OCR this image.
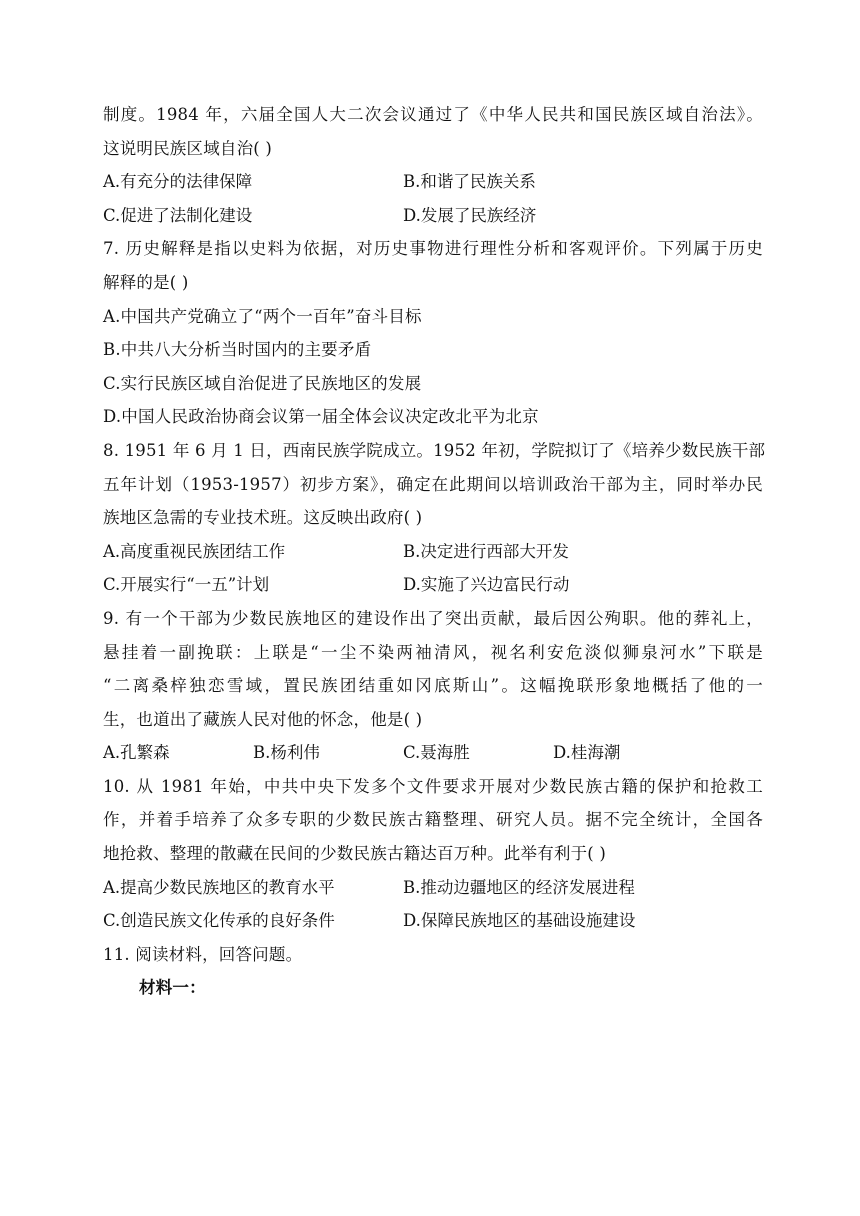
制度。1984 年，六届全国人大二次会议通过了《中华人民共和国民族区域自治法》。
这说明民族区域自治( )
A.有充分的法律保障	B.和谐了民族关系
C.促进了法制化建设	D.发展了民族经济
7. 历史解释是指以史料为依据，对历史事物进行理性分析和客观评价。下列属于历史
解释的是( )
A.中国共产党确立了“两个一百年”奋斗目标
B.中共八大分析当时国内的主要矛盾
C.实行民族区域自治促进了民族地区的发展
D.中国人民政治协商会议第一届全体会议决定改北平为北京
8. 1951 年 6 月 1 日，西南民族学院成立。1952 年初，学院拟订了《培养少数民族干部
五年计划（1953-1957）初步方案》，确定在此期间以培训政治干部为主，同时举办民
族地区急需的专业技术班。这反映出政府( )
A.高度重视民族团结工作	B.决定进行西部大开发
C.开展实行“一五”计划	D.实施了兴边富民行动
9. 有一个干部为少数民族地区的建设作出了突出贡献，最后因公殉职。他的葬礼上，
悬挂着一副挽联：上联是“一尘不染两袖清风，视名利安危淡似狮泉河水”下联是
“二离桑梓独恋雪域，置民族团结重如冈底斯山”。这幅挽联形象地概括了他的一
生，也道出了藏族人民对他的怀念，他是( )
A.孔繁森	B.杨利伟	C.聂海胜	D.桂海潮
10. 从 1981 年始，中共中央下发多个文件要求开展对少数民族古籍的保护和抢救工
作，并着手培养了众多专职的少数民族古籍整理、研究人员。据不完全统计，全国各
地抢救、整理的散藏在民间的少数民族古籍达百万种。此举有利于( )
A.提高少数民族地区的教育水平	B.推动边疆地区的经济发展进程
C.创造民族文化传承的良好条件	D.保障民族地区的基础设施建设
11. 阅读材料，回答问题。
材料一：
